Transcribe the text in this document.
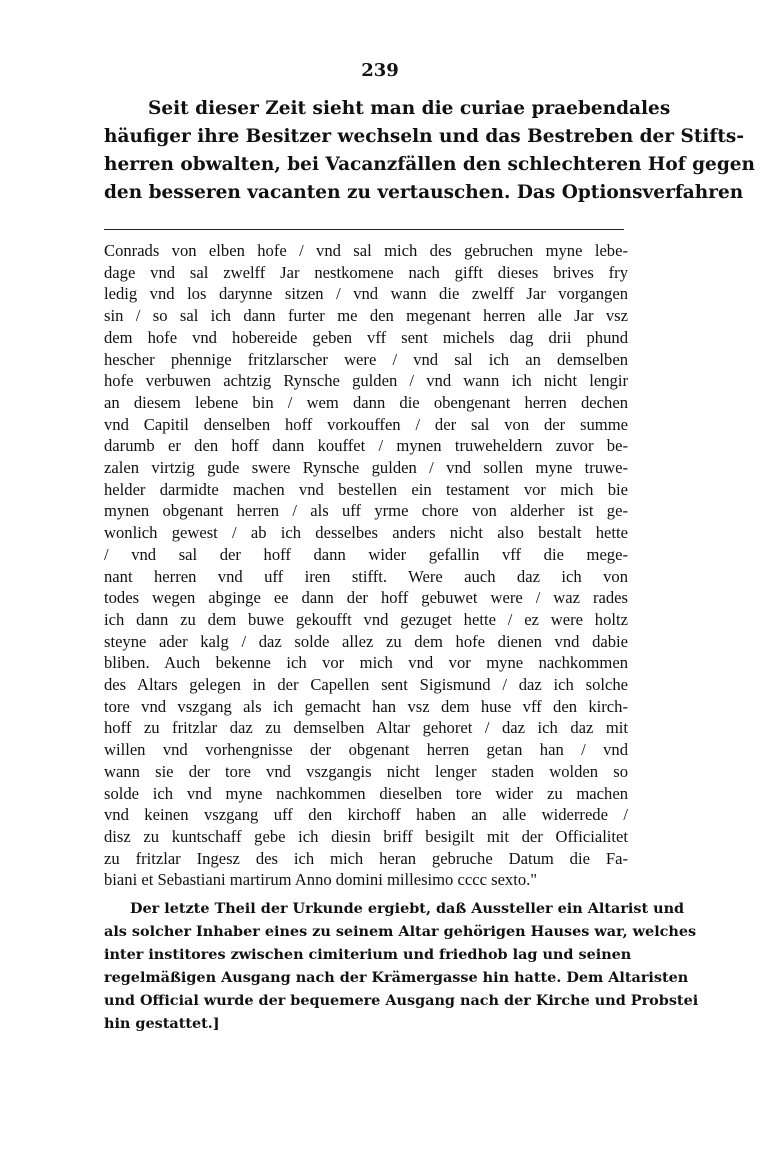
239
Seit dieser Zeit sieht man die curiae praebendales
häufiger ihre Besitzer wechseln und das Bestreben der Stifts-
herren obwalten, bei Vacanzfällen den schlechteren Hof gegen
den besseren vacanten zu vertauschen. Das Optionsverfahren
Conrads von elben hofe / vnd sal mich des gebruchen myne lebe-
dage vnd sal zwelff Jar nestkomene nach gifft dieses brives fry
ledig vnd los darynne sitzen / vnd wann die zwelff Jar vorgangen
sin / so sal ich dann furter me den megenant herren alle Jar vsz
dem hofe vnd hobereide geben vff sent michels dag drii phund
hescher phennige fritzlarscher were / vnd sal ich an demselben
hofe verbuwen achtzig Rynsche gulden / vnd wann ich nicht lengir
an diesem lebene bin / wem dann die obengenant herren dechen
vnd Capitil denselben hoff vorkouffen / der sal von der summe
darumb er den hoff dann kouffet / mynen truweheldern zuvor be-
zalen virtzig gude swere Rynsche gulden / vnd sollen myne truwe-
helder darmidte machen vnd bestellen ein testament vor mich bie
mynen obgenant herren / als uff yrme chore von alderher ist ge-
wonlich gewest / ab ich desselbes anders nicht also bestalt hette
/ vnd sal der hoff dann wider gefallin vff die mege-
nant herren vnd uff iren stifft. Were auch daz ich von
todes wegen abginge ee dann der hoff gebuwet were / waz rades
ich dann zu dem buwe gekoufft vnd gezuget hette / ez were holtz
steyne ader kalg / daz solde allez zu dem hofe dienen vnd dabie
bliben. Auch bekenne ich vor mich vnd vor myne nachkommen
des Altars gelegen in der Capellen sent Sigismund / daz ich solche
tore vnd vszgang als ich gemacht han vsz dem huse vff den kirch-
hoff zu fritzlar daz zu demselben Altar gehoret / daz ich daz mit
willen vnd vorhengnisse der obgenant herren getan han / vnd
wann sie der tore vnd vszgangis nicht lenger staden wolden so
solde ich vnd myne nachkommen dieselben tore wider zu machen
vnd keinen vszgang uff den kirchoff haben an alle widerrede /
disz zu kuntschaff gebe ich diesin briff besigilt mit der Officialitet
zu fritzlar Ingesz des ich mich heran gebruche Datum die Fa-
biani et Sebastiani martirum Anno domini millesimo cccc sexto."
Der letzte Theil der Urkunde ergiebt, daß Aussteller ein Altarist und
als solcher Inhaber eines zu seinem Altar gehörigen Hauses war, welches
inter institores zwischen cimiterium und friedhob lag und seinen
regelmäßigen Ausgang nach der Krämergasse hin hatte. Dem Altaristen
und Official wurde der bequemere Ausgang nach der Kirche und Probstei
hin gestattet.]
